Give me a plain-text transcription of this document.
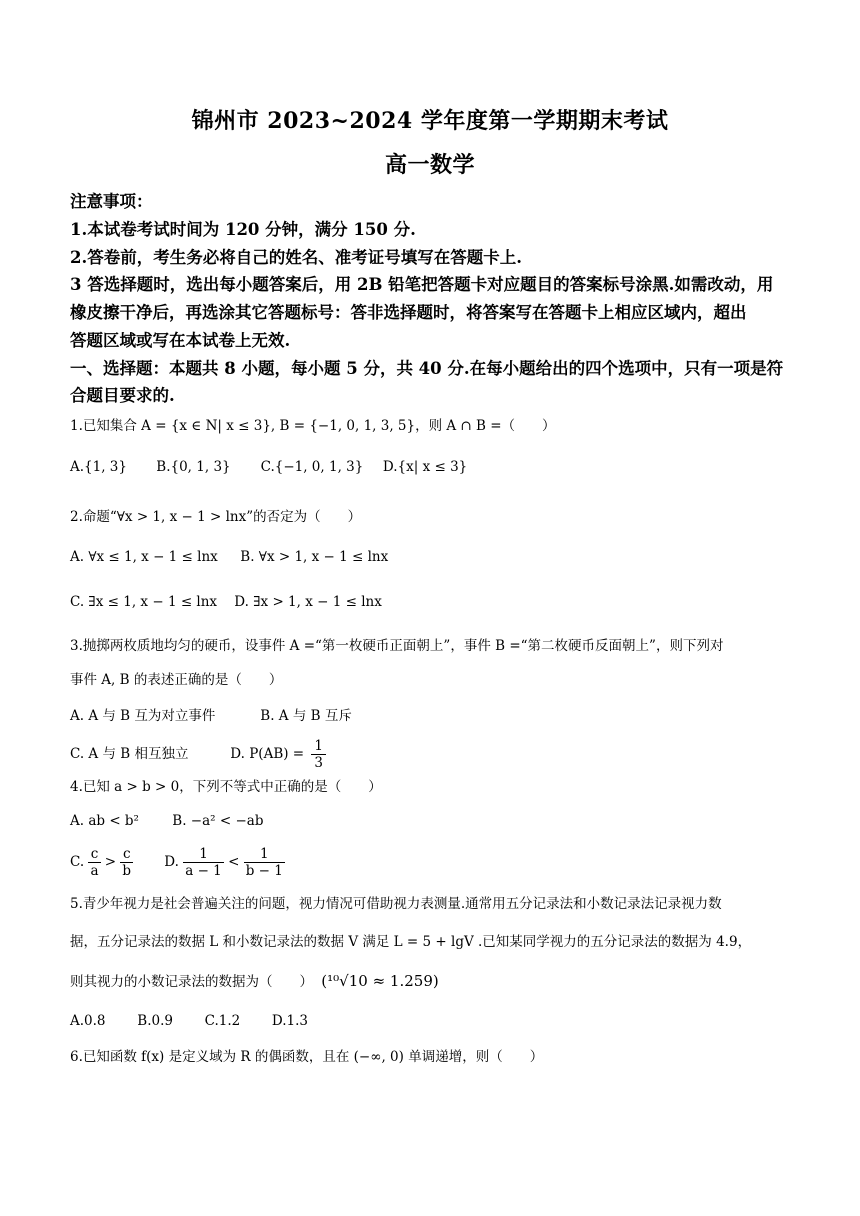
锦州市 2023~2024 学年度第一学期期末考试
高一数学
注意事项：
1.本试卷考试时间为 120 分钟，满分 150 分.
2.答卷前，考生务必将自己的姓名、准考证号填写在答题卡上.
3 答选择题时，选出每小题答案后，用 2B 铅笔把答题卡对应题目的答案标号涂黑.如需改动，用
橡皮擦干净后，再选涂其它答题标号：答非选择题时，将答案写在答题卡上相应区域内，超出
答题区域或写在本试卷上无效.
一、选择题：本题共 8 小题，每小题 5 分，共 40 分.在每小题给出的四个选项中，只有一项是符
合题目要求的.
1.已知集合 A = {x ∈ N| x ≤ 3}, B = {−1, 0, 1, 3, 5}，则 A ∩ B =（　　）
A.{1, 3} B.{0, 1, 3} C.{−1, 0, 1, 3} D.{x| x ≤ 3}
2.命题“∀x > 1, x − 1 > lnx”的否定为（　　）
A. ∀x ≤ 1, x − 1 ≤ lnx B. ∀x > 1, x − 1 ≤ lnx
C. ∃x ≤ 1, x − 1 ≤ lnx D. ∃x > 1, x − 1 ≤ lnx
3.抛掷两枚质地均匀的硬币，设事件 A =“第一枚硬币正面朝上”，事件 B =“第二枚硬币反面朝上”，则下列对
事件 A, B 的表述正确的是（　　）
A. A 与 B 互为对立事件	B. A 与 B 互斥
C. A 与 B 相互独立	D. $P(AB) = \frac{1}{3}$
4.已知 a > b > 0，下列不等式中正确的是（　　）
A. ab < b² B. −a² < −ab
C. $\frac{c}{a} > \frac{c}{b} D$. $\frac{1}{a - 1} < \frac{1}{b - 1}$
5.青少年视力是社会普遍关注的问题，视力情况可借助视力表测量.通常用五分记录法和小数记录法记录视力数
据，五分记录法的数据 L 和小数记录法的数据 V 满足 L = 5 + lgV .已知某同学视力的五分记录法的数据为 4.9，
则其视力的小数记录法的数据为（　　） (¹⁰√10 ≈ 1.259)
A.0.8 B.0.9 C.1.2 D.1.3
6.已知函数 f(x) 是定义域为 R 的偶函数，且在 (−∞, 0) 单调递增，则（　　）
